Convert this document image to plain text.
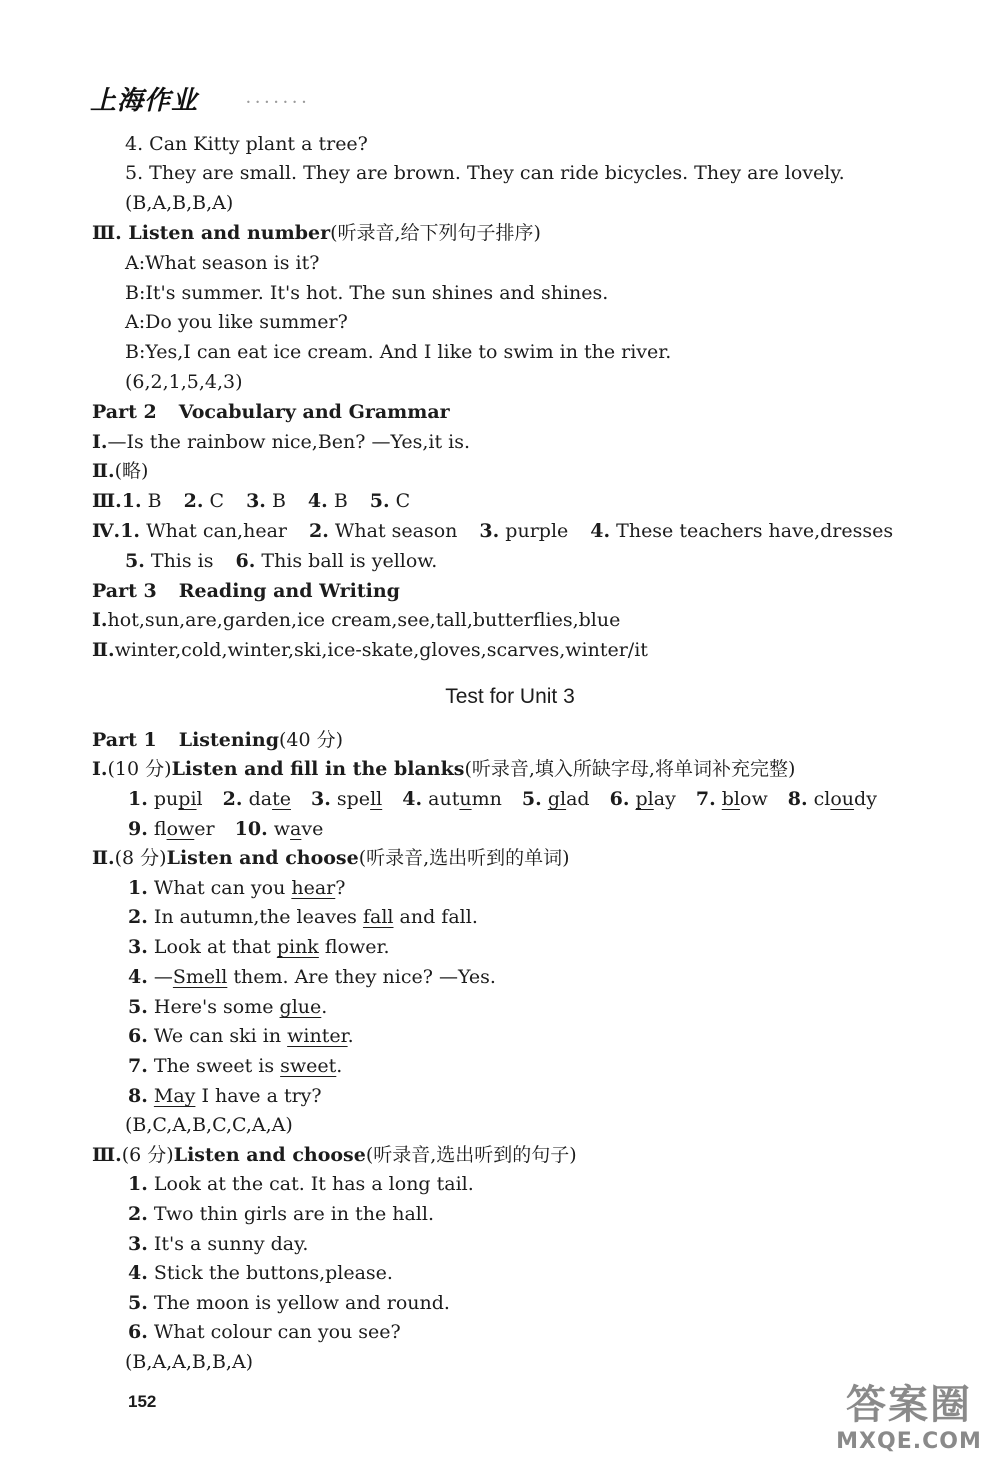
上海作业	• • • • • • •
4. Can Kitty plant a tree?
5. They are small. They are brown. They can ride bicycles. They are lovely.
(B,A,B,B,A)
Ⅲ. Listen and number(听录音,给下列句子排序)
A:What season is it?
B:It's summer. It's hot. The sun shines and shines.
A:Do you like summer?
B:Yes,I can eat ice cream. And I like to swim in the river.
(6,2,1,5,4,3)
Part 2 Vocabulary and Grammar
Ⅰ.—Is the rainbow nice,Ben? —Yes,it is.
Ⅱ.(略)
Ⅲ.1. B 2. C 3. B 4. B 5. C
Ⅳ.1. What can,hear 2. What season 3. purple 4. These teachers have,dresses
5. This is 6. This ball is yellow.
Part 3 Reading and Writing
Ⅰ.hot,sun,are,garden,ice cream,see,tall,butterflies,blue
Ⅱ.winter,cold,winter,ski,ice-skate,gloves,scarves,winter/it
Test for Unit 3
Part 1 Listening(40 分)
Ⅰ.(10 分)Listen and fill in the blanks(听录音,填入所缺字母,将单词补充完整)
1. pupil 2. date 3. spell 4. autumn 5. glad 6. play 7. blow 8. cloudy
9. flower 10. wave
Ⅱ.(8 分)Listen and choose(听录音,选出听到的单词)
1. What can you hear?
2. In autumn,the leaves fall and fall.
3. Look at that pink flower.
4. —Smell them. Are they nice? —Yes.
5. Here's some glue.
6. We can ski in winter.
7. The sweet is sweet.
8. May I have a try?
(B,C,A,B,C,C,A,A)
Ⅲ.(6 分)Listen and choose(听录音,选出听到的句子)
1. Look at the cat. It has a long tail.
2. Two thin girls are in the hall.
3. It's a sunny day.
4. Stick the buttons,please.
5. The moon is yellow and round.
6. What colour can you see?
(B,A,A,B,B,A)
152	答案圈
MXQE.COM
